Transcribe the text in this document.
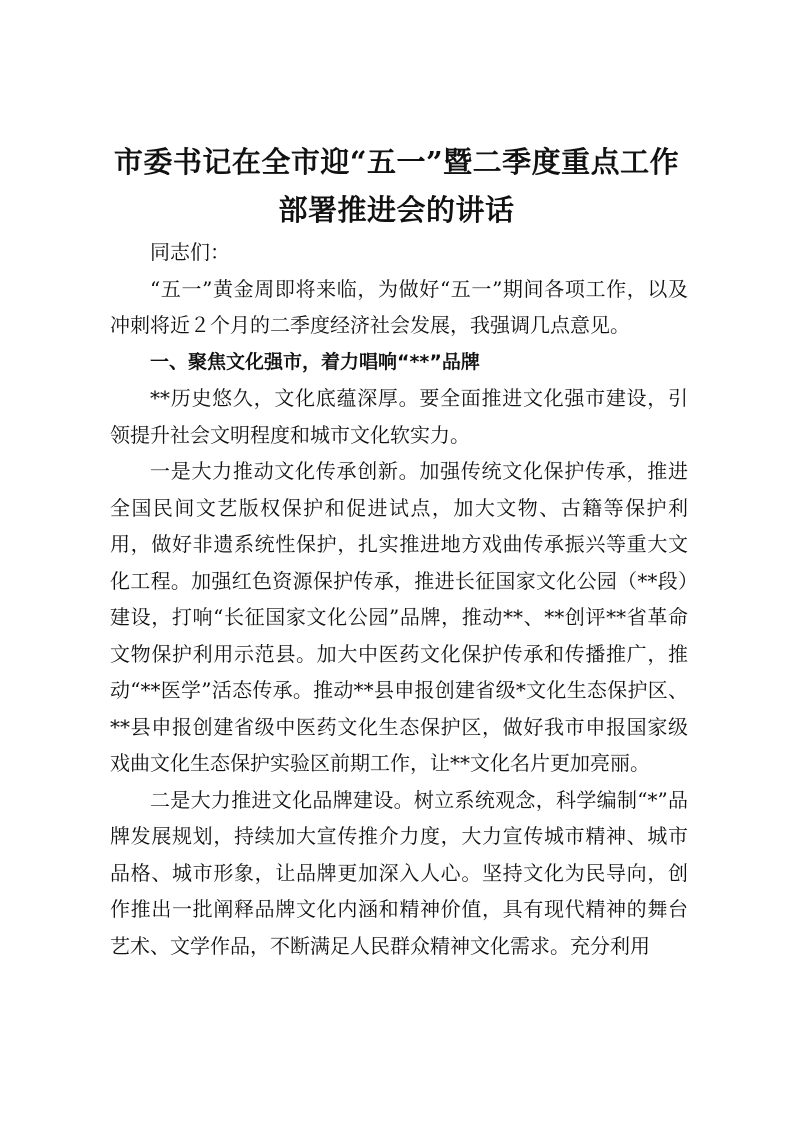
市委书记在全市迎“五一”暨二季度重点工作
部署推进会的讲话

同志们：

“五一”黄金周即将来临，为做好“五一”期间各项工作，以及冲刺将近２个月的二季度经济社会发展，我强调几点意见。

一、聚焦文化强市，着力唱响“**”品牌

**历史悠久，文化底蕴深厚。要全面推进文化强市建设，引领提升社会文明程度和城市文化软实力。

一是大力推动文化传承创新。加强传统文化保护传承，推进全国民间文艺版权保护和促进试点，加大文物、古籍等保护利用，做好非遗系统性保护，扎实推进地方戏曲传承振兴等重大文化工程。加强红色资源保护传承，推进长征国家文化公园（**段）建设，打响“长征国家文化公园”品牌，推动**、**创评**省革命文物保护利用示范县。加大中医药文化保护传承和传播推广，推动“**医学”活态传承。推动**县申报创建省级*文化生态保护区、**县申报创建省级中医药文化生态保护区，做好我市申报国家级戏曲文化生态保护实验区前期工作，让**文化名片更加亮丽。

二是大力推进文化品牌建设。树立系统观念，科学编制“*”品牌发展规划，持续加大宣传推介力度，大力宣传城市精神、城市品格、城市形象，让品牌更加深入人心。坚持文化为民导向，创作推出一批阐释品牌文化内涵和精神价值，具有现代精神的舞台艺术、文学作品，不断满足人民群众精神文化需求。充分利用
